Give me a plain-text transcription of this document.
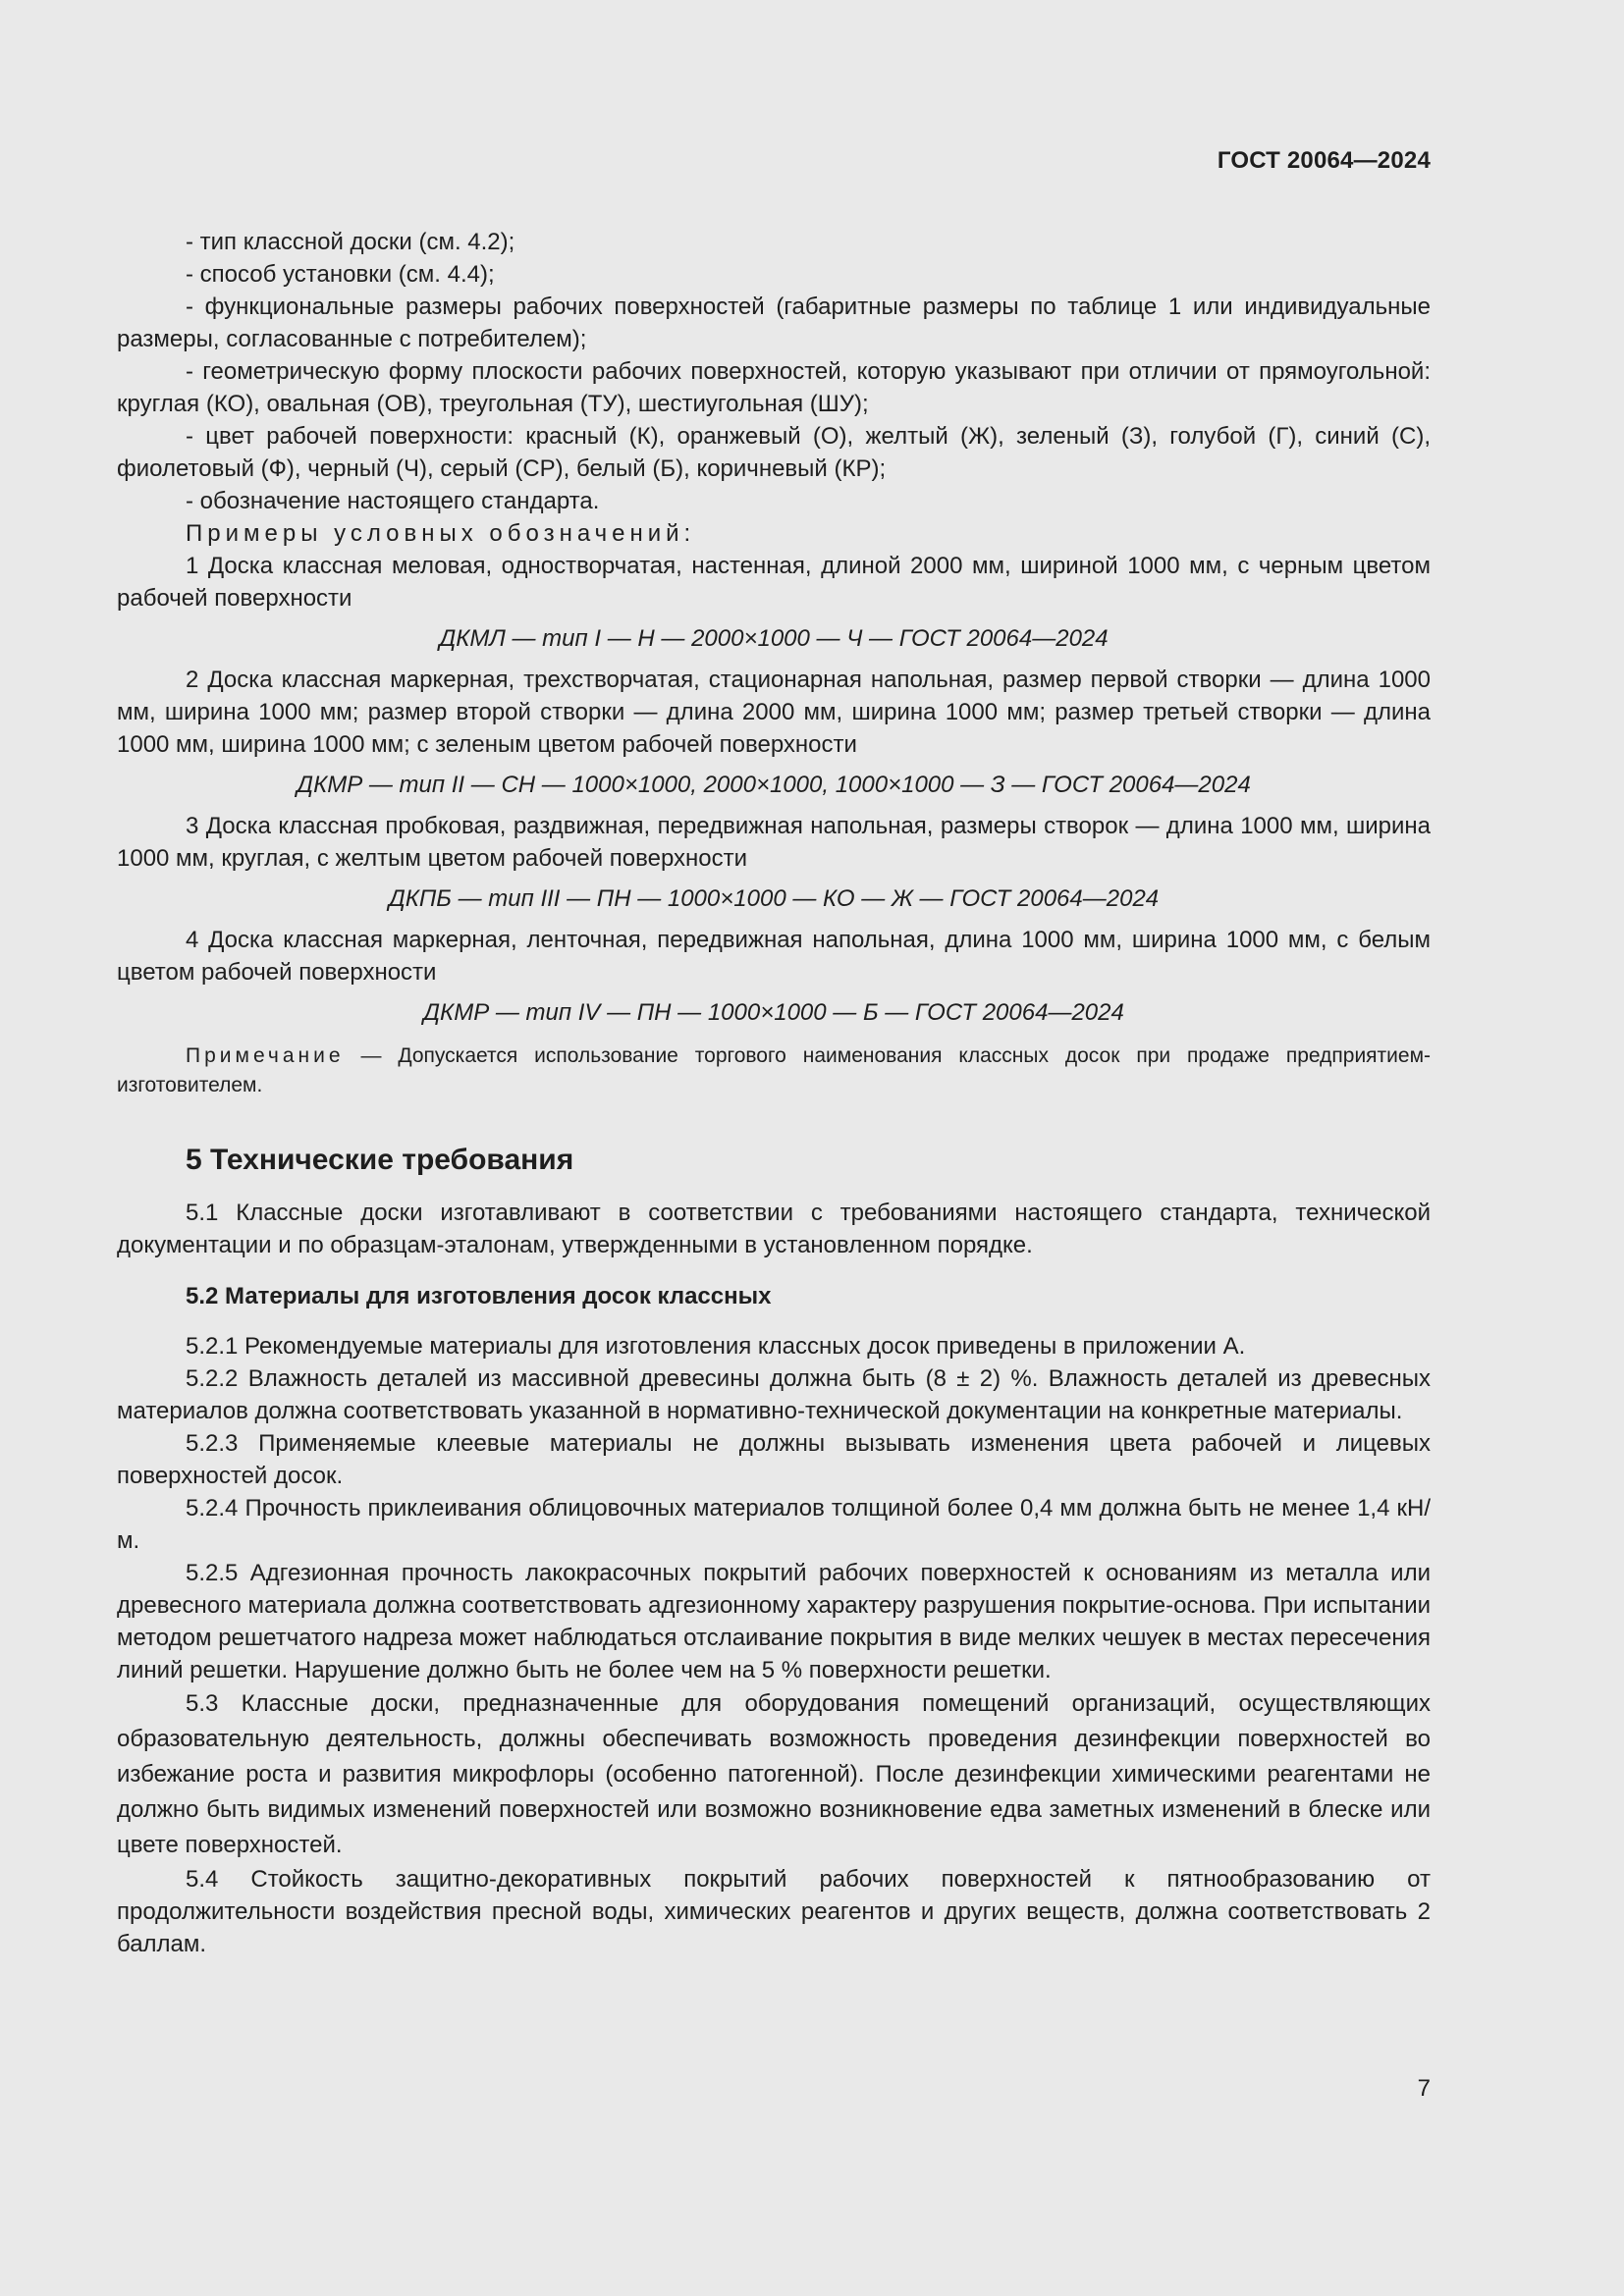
ГОСТ 20064—2024

- тип классной доски (см. 4.2);

- способ установки (см. 4.4);

- функциональные размеры рабочих поверхностей (габаритные размеры по таблице 1 или индивидуальные размеры, согласованные с потребителем);

- геометрическую форму плоскости рабочих поверхностей, которую указывают при отличии от прямоугольной: круглая (КО), овальная (ОВ), треугольная (ТУ), шестиугольная (ШУ);

- цвет рабочей поверхности: красный (К), оранжевый (О), желтый (Ж), зеленый (З), голубой (Г), синий (С), фиолетовый (Ф), черный (Ч), серый (СР), белый (Б), коричневый (КР);

- обозначение настоящего стандарта.

Примеры условных обозначений:

1 Доска классная меловая, одностворчатая, настенная, длиной 2000 мм, шириной 1000 мм, с черным цветом рабочей поверхности

ДКМЛ — тип I — Н — 2000×1000 — Ч — ГОСТ 20064—2024

2 Доска классная маркерная, трехстворчатая, стационарная напольная, размер первой створки — длина 1000 мм, ширина 1000 мм; размер второй створки — длина 2000 мм, ширина 1000 мм; размер третьей створки — длина 1000 мм, ширина 1000 мм; с зеленым цветом рабочей поверхности

ДКМР — тип II — СН — 1000×1000, 2000×1000, 1000×1000 — З — ГОСТ 20064—2024

3 Доска классная пробковая, раздвижная, передвижная напольная, размеры створок — длина 1000 мм, ширина 1000 мм, круглая, с желтым цветом рабочей поверхности

ДКПБ — тип III — ПН — 1000×1000 — КО — Ж — ГОСТ 20064—2024

4 Доска классная маркерная, ленточная, передвижная напольная, длина 1000 мм, ширина 1000 мм, с белым цветом рабочей поверхности

ДКМР — тип IV — ПН — 1000×1000 — Б — ГОСТ 20064—2024

Примечание — Допускается использование торгового наименования классных досок при продаже предприятием-изготовителем.

5 Технические требования

5.1 Классные доски изготавливают в соответствии с требованиями настоящего стандарта, технической документации и по образцам-эталонам, утвержденными в установленном порядке.

5.2 Материалы для изготовления досок классных

5.2.1 Рекомендуемые материалы для изготовления классных досок приведены в приложении А.

5.2.2 Влажность деталей из массивной древесины должна быть (8 ± 2) %. Влажность деталей из древесных материалов должна соответствовать указанной в нормативно-технической документации на конкретные материалы.

5.2.3 Применяемые клеевые материалы не должны вызывать изменения цвета рабочей и лицевых поверхностей досок.

5.2.4 Прочность приклеивания облицовочных материалов толщиной более 0,4 мм должна быть не менее 1,4 кН/м.

5.2.5 Адгезионная прочность лакокрасочных покрытий рабочих поверхностей к основаниям из металла или древесного материала должна соответствовать адгезионному характеру разрушения покрытие-основа. При испытании методом решетчатого надреза может наблюдаться отслаивание покрытия в виде мелких чешуек в местах пересечения линий решетки. Нарушение должно быть не более чем на 5 % поверхности решетки.

5.3 Классные доски, предназначенные для оборудования помещений организаций, осуществляющих образовательную деятельность, должны обеспечивать возможность проведения дезинфекции поверхностей во избежание роста и развития микрофлоры (особенно патогенной). После дезинфекции химическими реагентами не должно быть видимых изменений поверхностей или возможно возникновение едва заметных изменений в блеске или цвете поверхностей.

5.4 Стойкость защитно-декоративных покрытий рабочих поверхностей к пятнообразованию от продолжительности воздействия пресной воды, химических реагентов и других веществ, должна соответствовать 2 баллам.

7
